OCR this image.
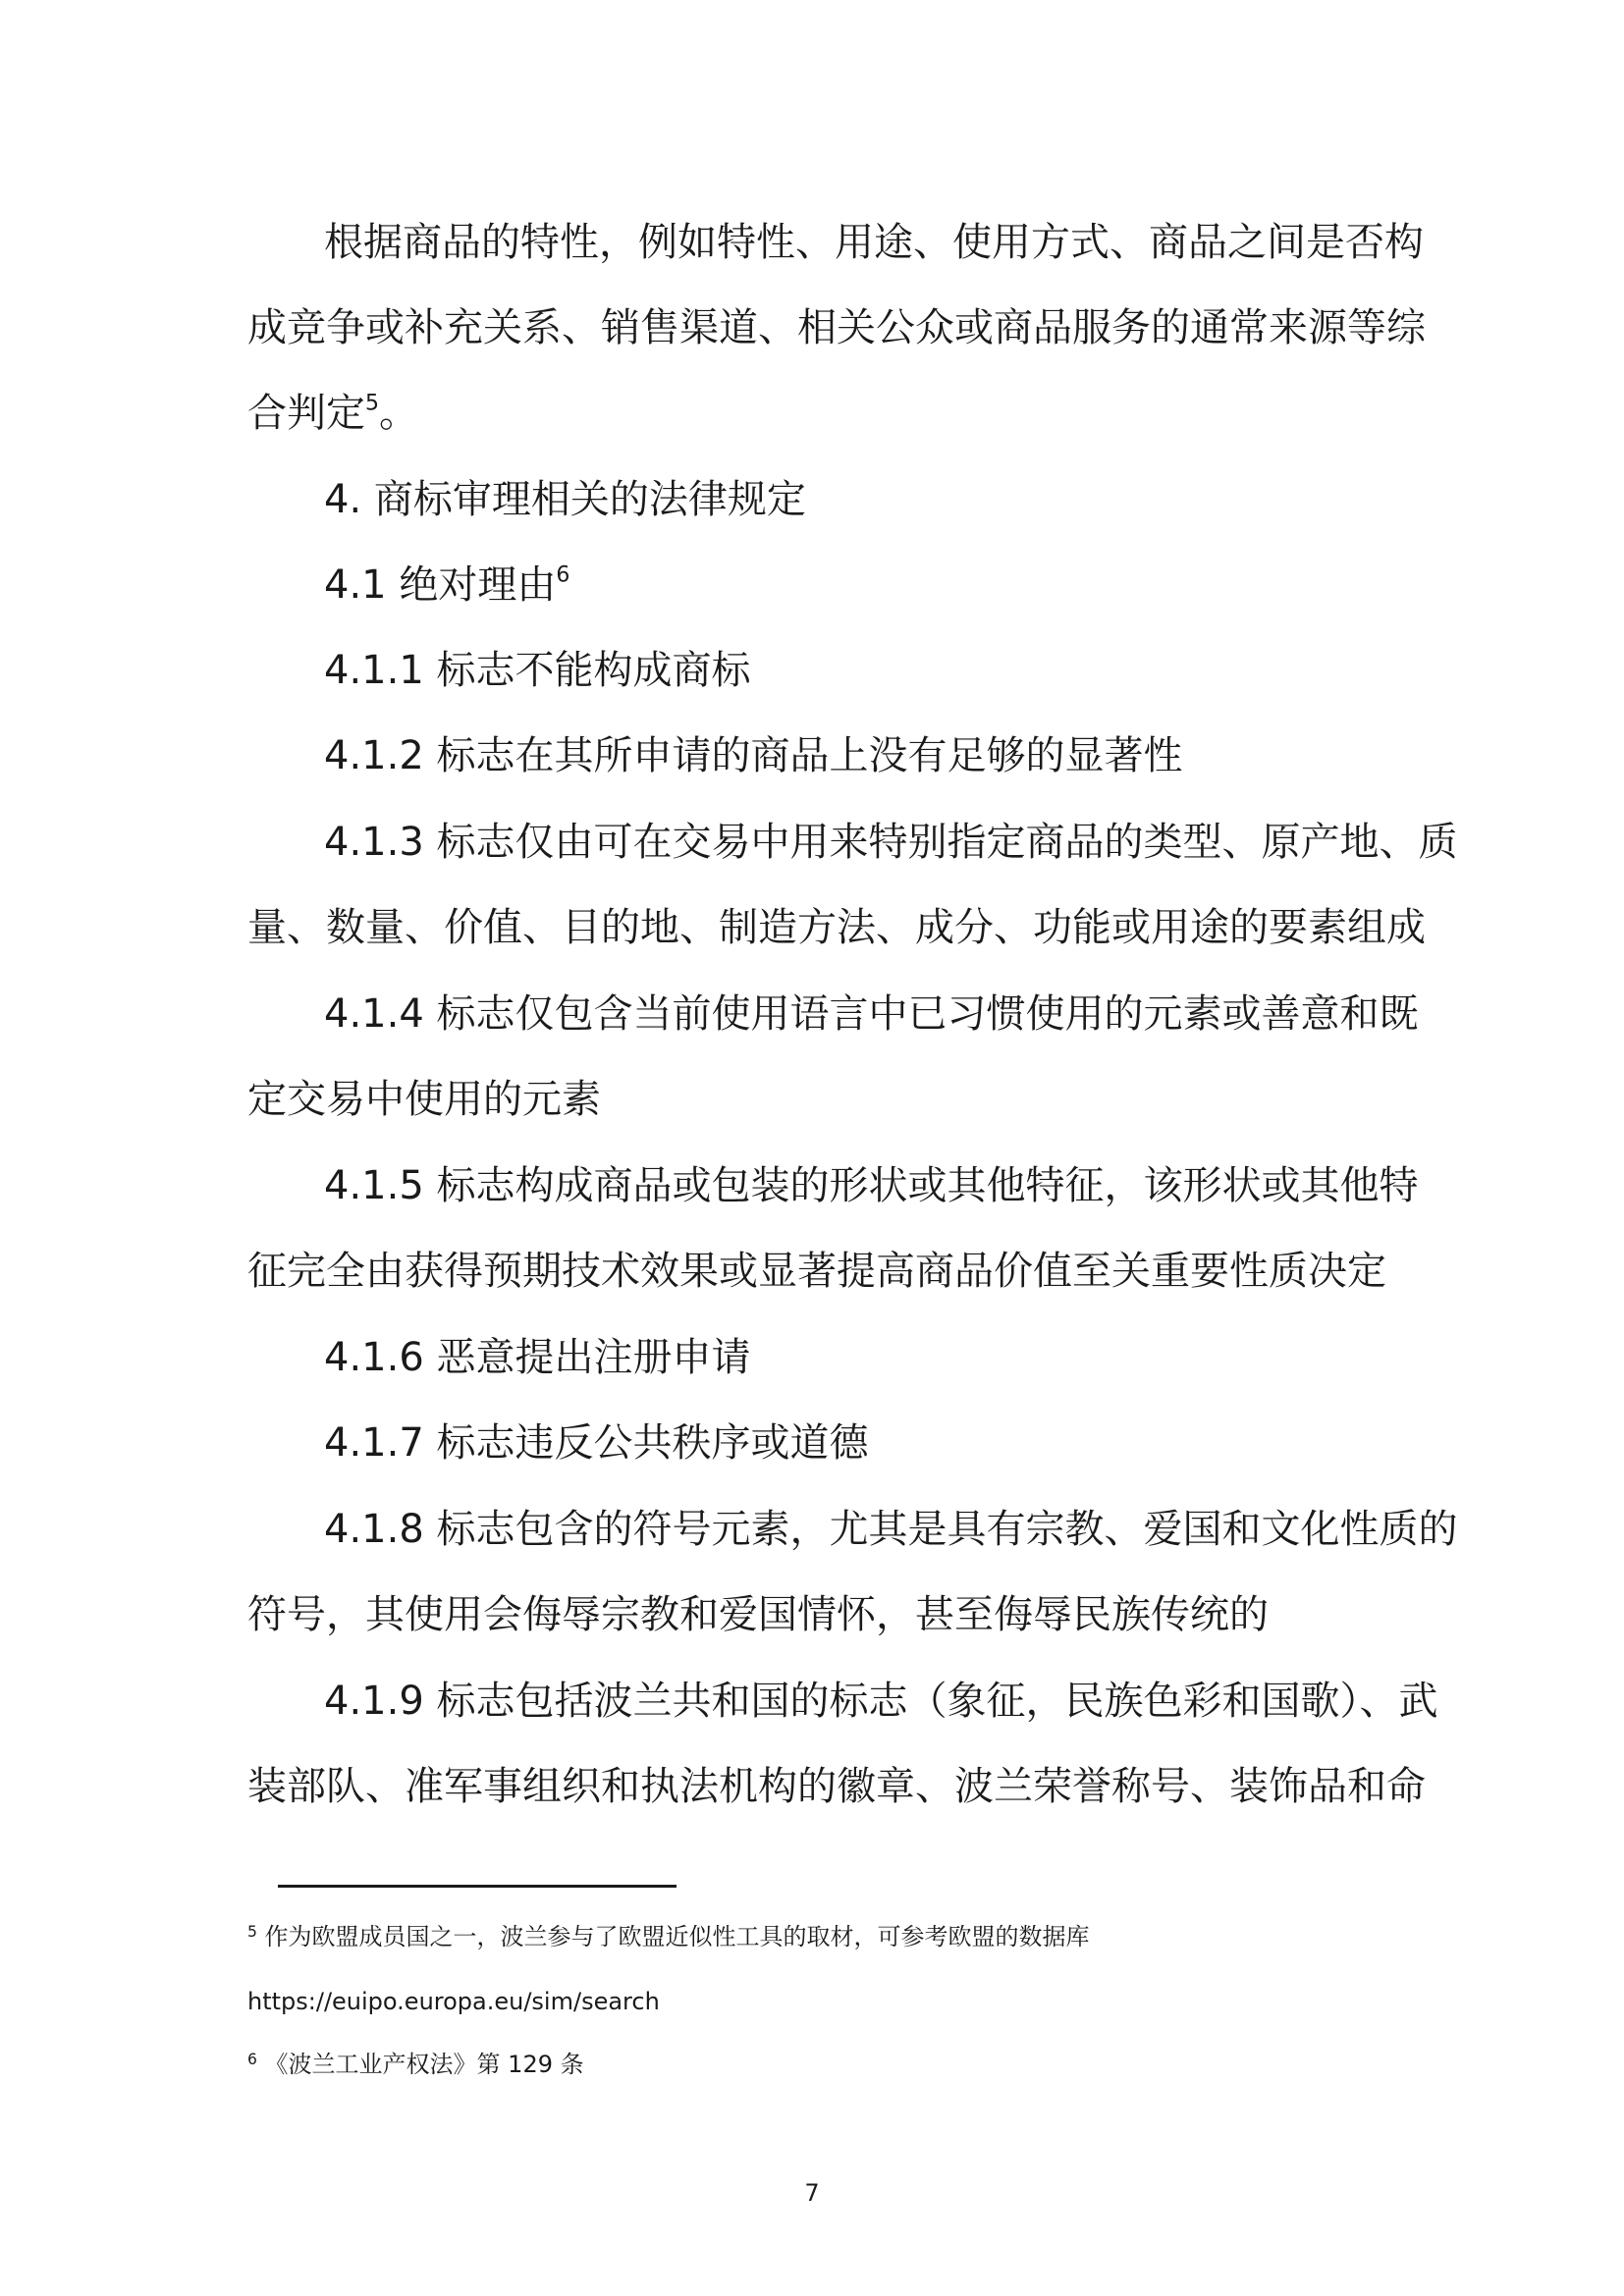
根据商品的特性，例如特性、用途、使用方式、商品之间是否构
成竞争或补充关系、销售渠道、相关公众或商品服务的通常来源等综
合判定$^5$。
4. 商标审理相关的法律规定
4.1 绝对理由$^6$
4.1.1 标志不能构成商标
4.1.2 标志在其所申请的商品上没有足够的显著性
4.1.3 标志仅由可在交易中用来特别指定商品的类型、原产地、质
量、数量、价值、目的地、制造方法、成分、功能或用途的要素组成
4.1.4 标志仅包含当前使用语言中已习惯使用的元素或善意和既
定交易中使用的元素
4.1.5 标志构成商品或包装的形状或其他特征，该形状或其他特
征完全由获得预期技术效果或显著提高商品价值至关重要性质决定
4.1.6 恶意提出注册申请
4.1.7 标志违反公共秩序或道德
4.1.8 标志包含的符号元素，尤其是具有宗教、爱国和文化性质的
符号，其使用会侮辱宗教和爱国情怀，甚至侮辱民族传统的
4.1.9 标志包括波兰共和国的标志（象征，民族色彩和国歌）、武
装部队、准军事组织和执法机构的徽章、波兰荣誉称号、装饰品和命

$^5$ 作为欧盟成员国之一，波兰参与了欧盟近似性工具的取材，可参考欧盟的数据库

https://euipo.europa.eu/sim/search

$^6$ 《波兰工业产权法》第 129 条

7
